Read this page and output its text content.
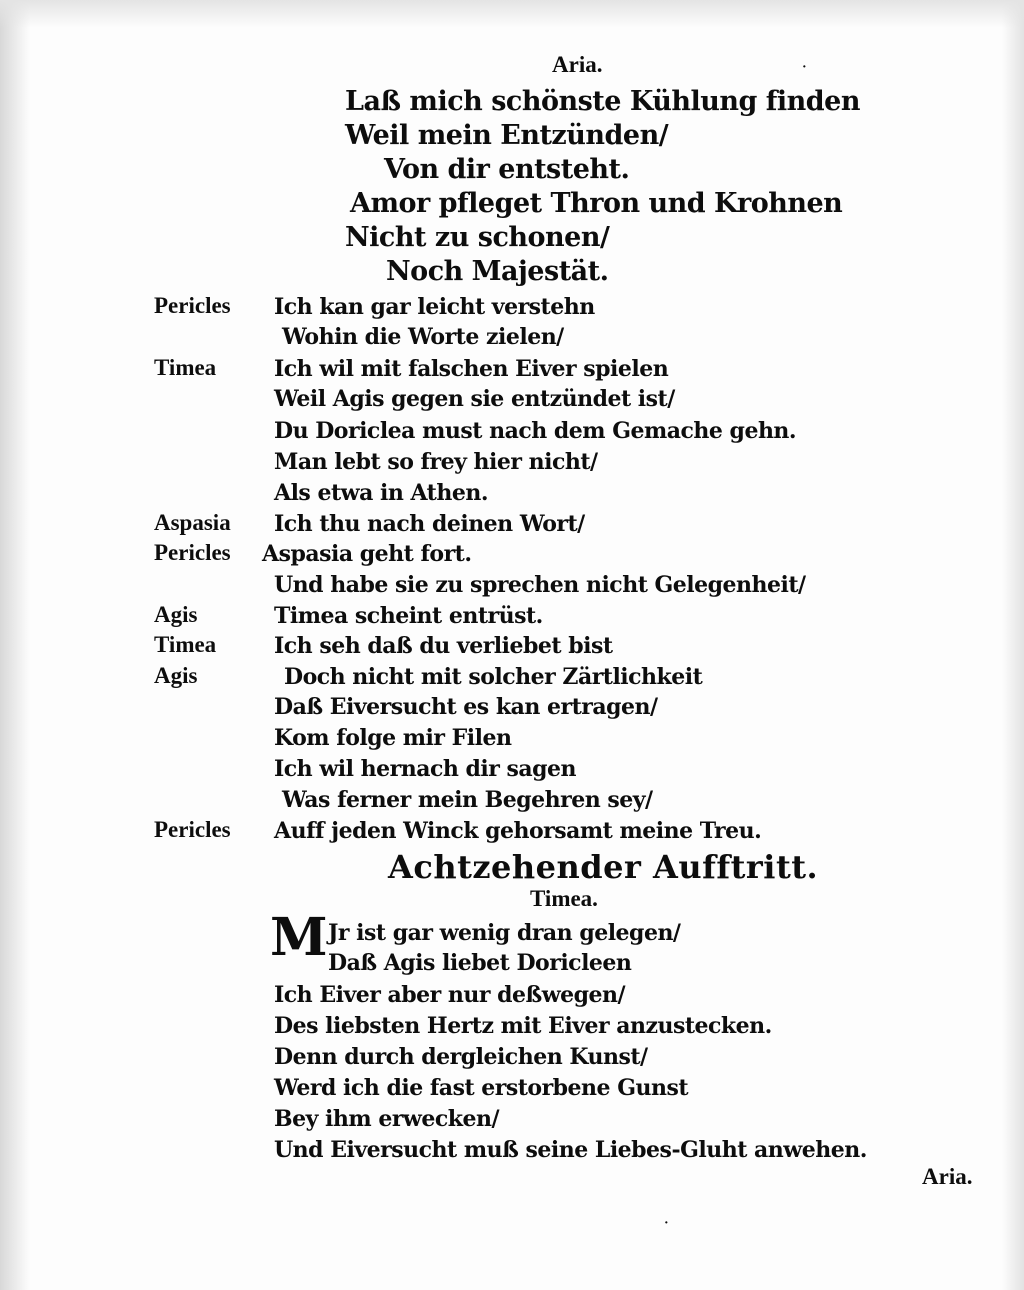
Aria.
Laß mich schönste Kühlung finden
Weil mein Entzünden/
Von dir entsteht.
Amor pfleget Thron und Krohnen
Nicht zu schonen/
Noch Majestät.
Pericles
Timea
Aspasia
Pericles
Agis
Timea
Agis
Pericles
Ich kan gar leicht verstehn
Wohin die Worte zielen/
Ich wil mit falschen Eiver spielen
Weil Agis gegen sie entzündet ist/
Du Doriclea must nach dem Gemache gehn.
Man lebt so frey hier nicht/
Als etwa in Athen.
Ich thu nach deinen Wort/
Aspasia geht fort.
Und habe sie zu sprechen nicht Gelegenheit/
Timea scheint entrüst.
Ich seh daß du verliebet bist
Doch nicht mit solcher Zärtlichkeit
Daß Eiversucht es kan ertragen/
Kom folge mir Filen
Ich wil hernach dir sagen
Was ferner mein Begehren sey/
Auff jeden Winck gehorsamt meine Treu.
Achtzehender Aufftritt.
Timea.
M Jr ist gar wenig dran gelegen/
Daß Agis liebet Doricleen
Ich Eiver aber nur deßwegen/
Des liebsten Hertz mit Eiver anzustecken.
Denn durch dergleichen Kunst/
Werd ich die fast erstorbene Gunst
Bey ihm erwecken/
Und Eiversucht muß seine Liebes-Gluht anwehen.
Aria.
·
·
